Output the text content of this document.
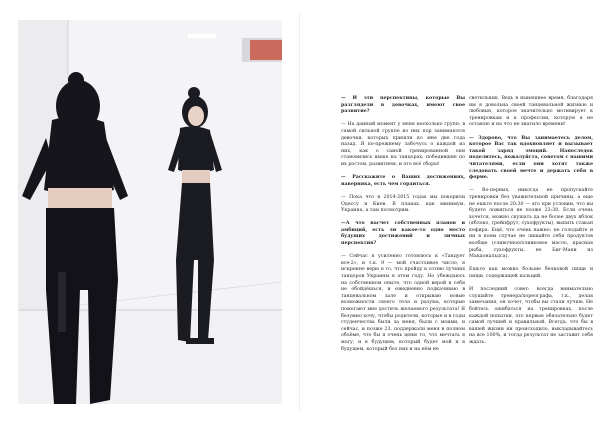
— И эти перспективы, которые Вы разглядели в девочках, имеют свое развитие?

— На данный момент у меня несколько групп: в самой сильной группе из них пор занимаются девочки, которых пришли ко мне две года назад. Я по-прежнему забочусь о каждой из них, как о самой тренированной они становились выше на танцорах, победившие по их ростом, развитием, и это всё сборы!

— Расскажите о Ваших достижениях, наверняка, есть чем гордиться.

— Пока что в 2014-2015 годах мы покорили Одессу и Киев. В планах, как минимум, Украина, а там посмотрим.

—А что насчет собственных планов и амбиций, есть ли какое-то одно место будущих достижений и личных перспектив?

— Сейчас я усиленно готовлюсь к «Танцует все-2», и т.к. 9 — мой счастливое число, я искренне верю в то, что пройду в сотню лучших танцоров Украины в этом году. Но убеждаюсь на собственном опыте, что одной верой в себя не обойдёшься, и ежедневно подкачиваю в танцевальном зале и открываю новые возможности своего тела и разума, которые помогают мне достичь желаемого результата! Я безумно хочу, чтобы родители, которые и в годы студенчества были за меня, были с моими, и сейчас, и позже 23, поддержали меня в полном объёме, что бы я очень ценю то, что мечтать я могу, и в будущем, который будет мой и в будущем, который без них и на нём не

светильник. Ведь в нынешнее время, благодаря им я довольна своей танцевальной жизнью и любовью, которое значительно мотивирует к тренировкам и к профессии, которую я не оставлю и на что не хватило времени!

— Здорово, что Вы занимаетесь делом, которое Вас так вдохновляет и вызывает такой заряд эмоций. Напоследок поделитесь, пожалуйста, советом с нашими читателями, если они хотят также следовать своей мечте и держать себя в форме.

— Во-первых, никогда не пропускайте тренировки без уважительной причины, а еще не ешьте после 20:30 — это при условии, что вы будете ложиться не позже 23:30. Если очень хочется, можно скушать да не более двух яблок (яблоко, грейпфрут, сухофрукты), выпить стакан кефира. Ещё, что очень важно: не голодайте и ни в коем случае не лишайте себя продуктов вообще (сливочное/оливковое масло, красная рыба, сухофрукты, не Биг-Маки из Макдональдса).

Ешьте как можно больше белковой пищи и пищи, содержащей кальций.

И последний совет: всегда внимательно слушайте тренера/хореографа, т.к., делая замечания, он хочет, чтобы вы стали лучше. Не бойтесь ошибаться на тренировках, после каждой попытки, это первые обязательно будет самой лучшей и правильной. Всегда, что бы в вашей жизни ни происходило, выкладывайтесь на все 100%, и тогда результат не заставит себя ждать.
